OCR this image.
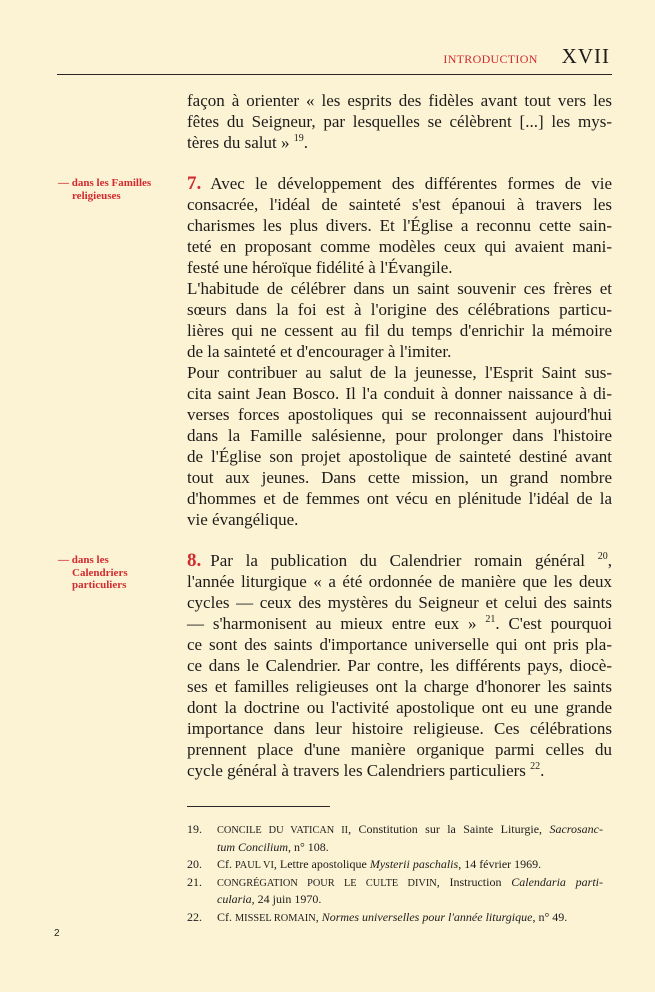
INTRODUCTION XVII
façon à orienter « les esprits des fidèles avant tout vers les
fêtes du Seigneur, par lesquelles se célèbrent [...] les mys-
tères du salut » $^{19}$.
— dans les Familles
religieuses
7. Avec le développement des différentes formes de vie
consacrée, l'idéal de sainteté s'est épanoui à travers les
charismes les plus divers. Et l'Église a reconnu cette sain-
teté en proposant comme modèles ceux qui avaient mani-
festé une héroïque fidélité à l'Évangile.
L'habitude de célébrer dans un saint souvenir ces frères et
sœurs dans la foi est à l'origine des célébrations particu-
lières qui ne cessent au fil du temps d'enrichir la mémoire
de la sainteté et d'encourager à l'imiter.
Pour contribuer au salut de la jeunesse, l'Esprit Saint sus-
cita saint Jean Bosco. Il l'a conduit à donner naissance à di-
verses forces apostoliques qui se reconnaissent aujourd'hui
dans la Famille salésienne, pour prolonger dans l'histoire
de l'Église son projet apostolique de sainteté destiné avant
tout aux jeunes. Dans cette mission, un grand nombre
d'hommes et de femmes ont vécu en plénitude l'idéal de la
vie évangélique.
— dans les
Calendriers
particuliers
8. Par la publication du Calendrier romain général $^{20}$,
l'année liturgique « a été ordonnée de manière que les deux
cycles — ceux des mystères du Seigneur et celui des saints
— s'harmonisent au mieux entre eux » $^{21}$. C'est pourquoi
ce sont des saints d'importance universelle qui ont pris pla-
ce dans le Calendrier. Par contre, les différents pays, diocè-
ses et familles religieuses ont la charge d'honorer les saints
dont la doctrine ou l'activité apostolique ont eu une grande
importance dans leur histoire religieuse. Ces célébrations
prennent place d'une manière organique parmi celles du
cycle général à travers les Calendriers particuliers $^{22}$.
19.	CONCILE DU VATICAN II, Constitution sur la Sainte Liturgie, Sacrosanc-
tum Concilium, n° 108.
20.	Cf. PAUL VI, Lettre apostolique Mysterii paschalis, 14 février 1969.
21.	CONGRÉGATION POUR LE CULTE DIVIN, Instruction Calendaria parti-
cularia, 24 juin 1970.
22.	Cf. MISSEL ROMAIN, Normes universelles pour l'année liturgique, n° 49.
2
